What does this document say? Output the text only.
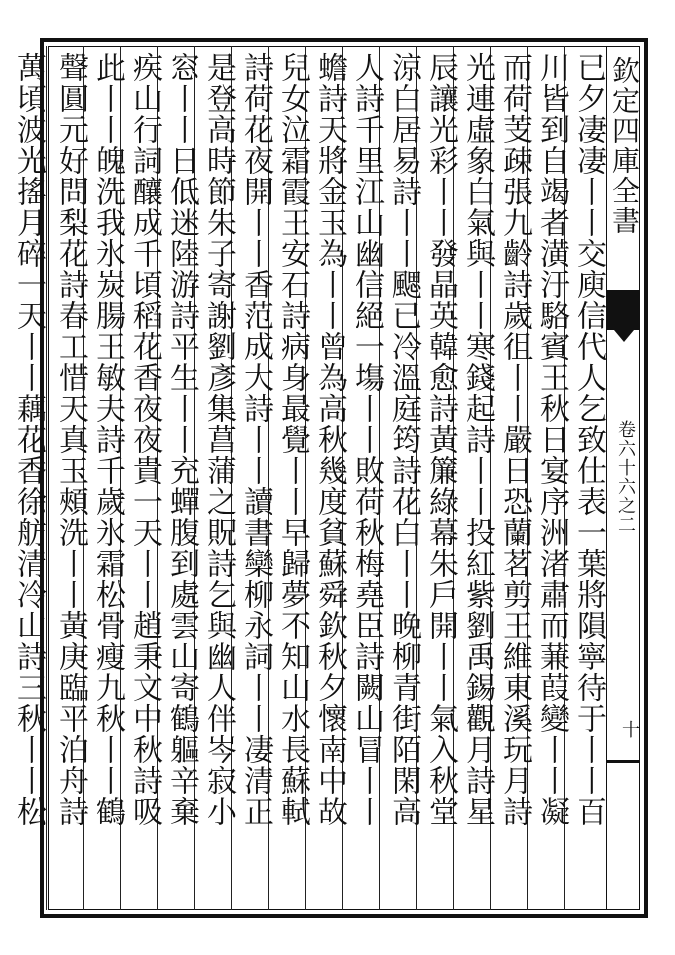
欽定四庫全書
卷六十六之二
十
已夕凄凄丨丨交庾信代人乞致仕表一葉將隕寧待于丨丨百
川皆到自竭者潢汙駱賓王秋日宴序洲渚肅而蒹葭變丨丨凝
而荷芰疎張九齡詩歲徂丨丨嚴日恐蘭茗剪王維東溪玩月詩
光連虛象白氣與丨丨寒錢起詩丨丨投紅紫劉禹錫觀月詩星
辰讓光彩丨丨發晶英韓愈詩黃簾綠幕朱戶開丨丨氣入秋堂
涼白居易詩丨丨颸已冷溫庭筠詩花白丨丨晚柳青街陌閑高
人詩千里江山幽信絕一塲丨丨敗荷秋梅堯臣詩闕山冒丨丨
蟾詩天將金玉為丨丨曾為高秋幾度貧蘇舜欽秋夕懷南中故
兒女泣霜霞王安石詩病身最覺丨丨早歸夢不知山水長蘇軾
詩荷花夜開丨丨香范成大詩丨丨讀書欒柳永詞丨丨凄清正
是登高時節朱子寄謝劉彥集菖蒲之貺詩乞與幽人伴岑寂小
窓丨丨日低迷陸游詩平生丨丨充蟬腹到處雲山寄鶴軀辛棄
疾山行詞釀成千頃稻花香夜夜貴一天丨丨趙秉文中秋詩吸
此丨丨魄洗我氷炭腸王敏夫詩千歲氷霜松骨瘦九秋丨丨鶴
聲圓元好問梨花詩春工惜天真玉頰洗丨丨黃庚臨平泊舟詩
萬頃波光搖月碎一天丨丨藕花香徐舫清冷山詩三秋丨丨松
